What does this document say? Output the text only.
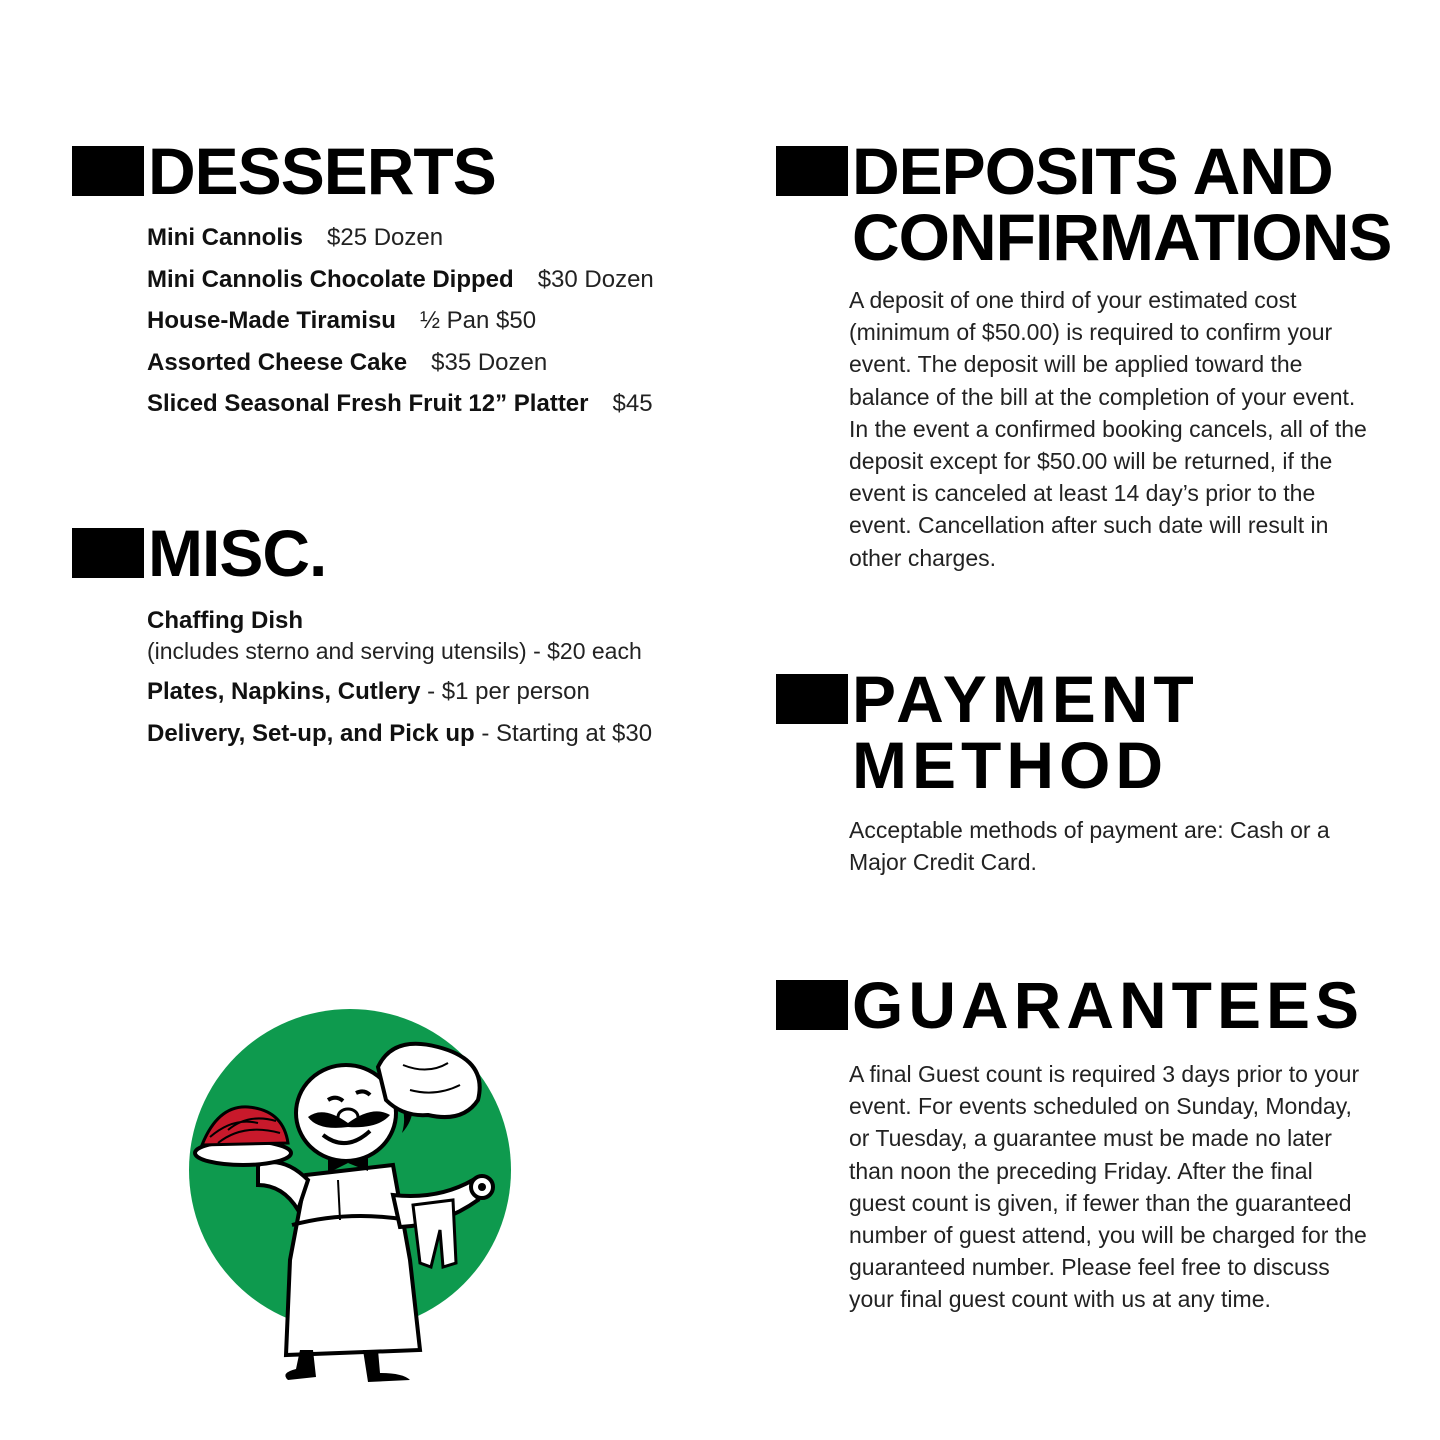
DESSERTS
Mini Cannolis $25 Dozen
Mini Cannolis Chocolate Dipped $30 Dozen
House-Made Tiramisu ½ Pan $50
Assorted Cheese Cake $35 Dozen
Sliced Seasonal Fresh Fruit 12” Platter $45
MISC.
Chaffing Dish
(includes sterno and serving utensils) - $20 each
Plates, Napkins, Cutlery - $1 per person
Delivery, Set-up, and Pick up - Starting at $30
DEPOSITS AND
CONFIRMATIONS

A deposit of one third of your estimated cost (minimum of $50.00) is required to confirm your event. The deposit will be applied toward the balance of the bill at the completion of your event. In the event a confirmed booking cancels, all of the deposit except for $50.00 will be returned, if the event is canceled at least 14 day’s prior to the event. Cancellation after such date will result in other charges.

PAYMENT
METHOD

Acceptable methods of payment are: Cash or a Major Credit Card.

GUARANTEES

A final Guest count is required 3 days prior to your event. For events scheduled on Sunday, Monday, or Tuesday, a guarantee must be made no later than noon the preceding Friday. After the final guest count is given, if fewer than the guaranteed number of guest attend, you will be charged for the guaranteed number. Please feel free to discuss your final guest count with us at any time.
